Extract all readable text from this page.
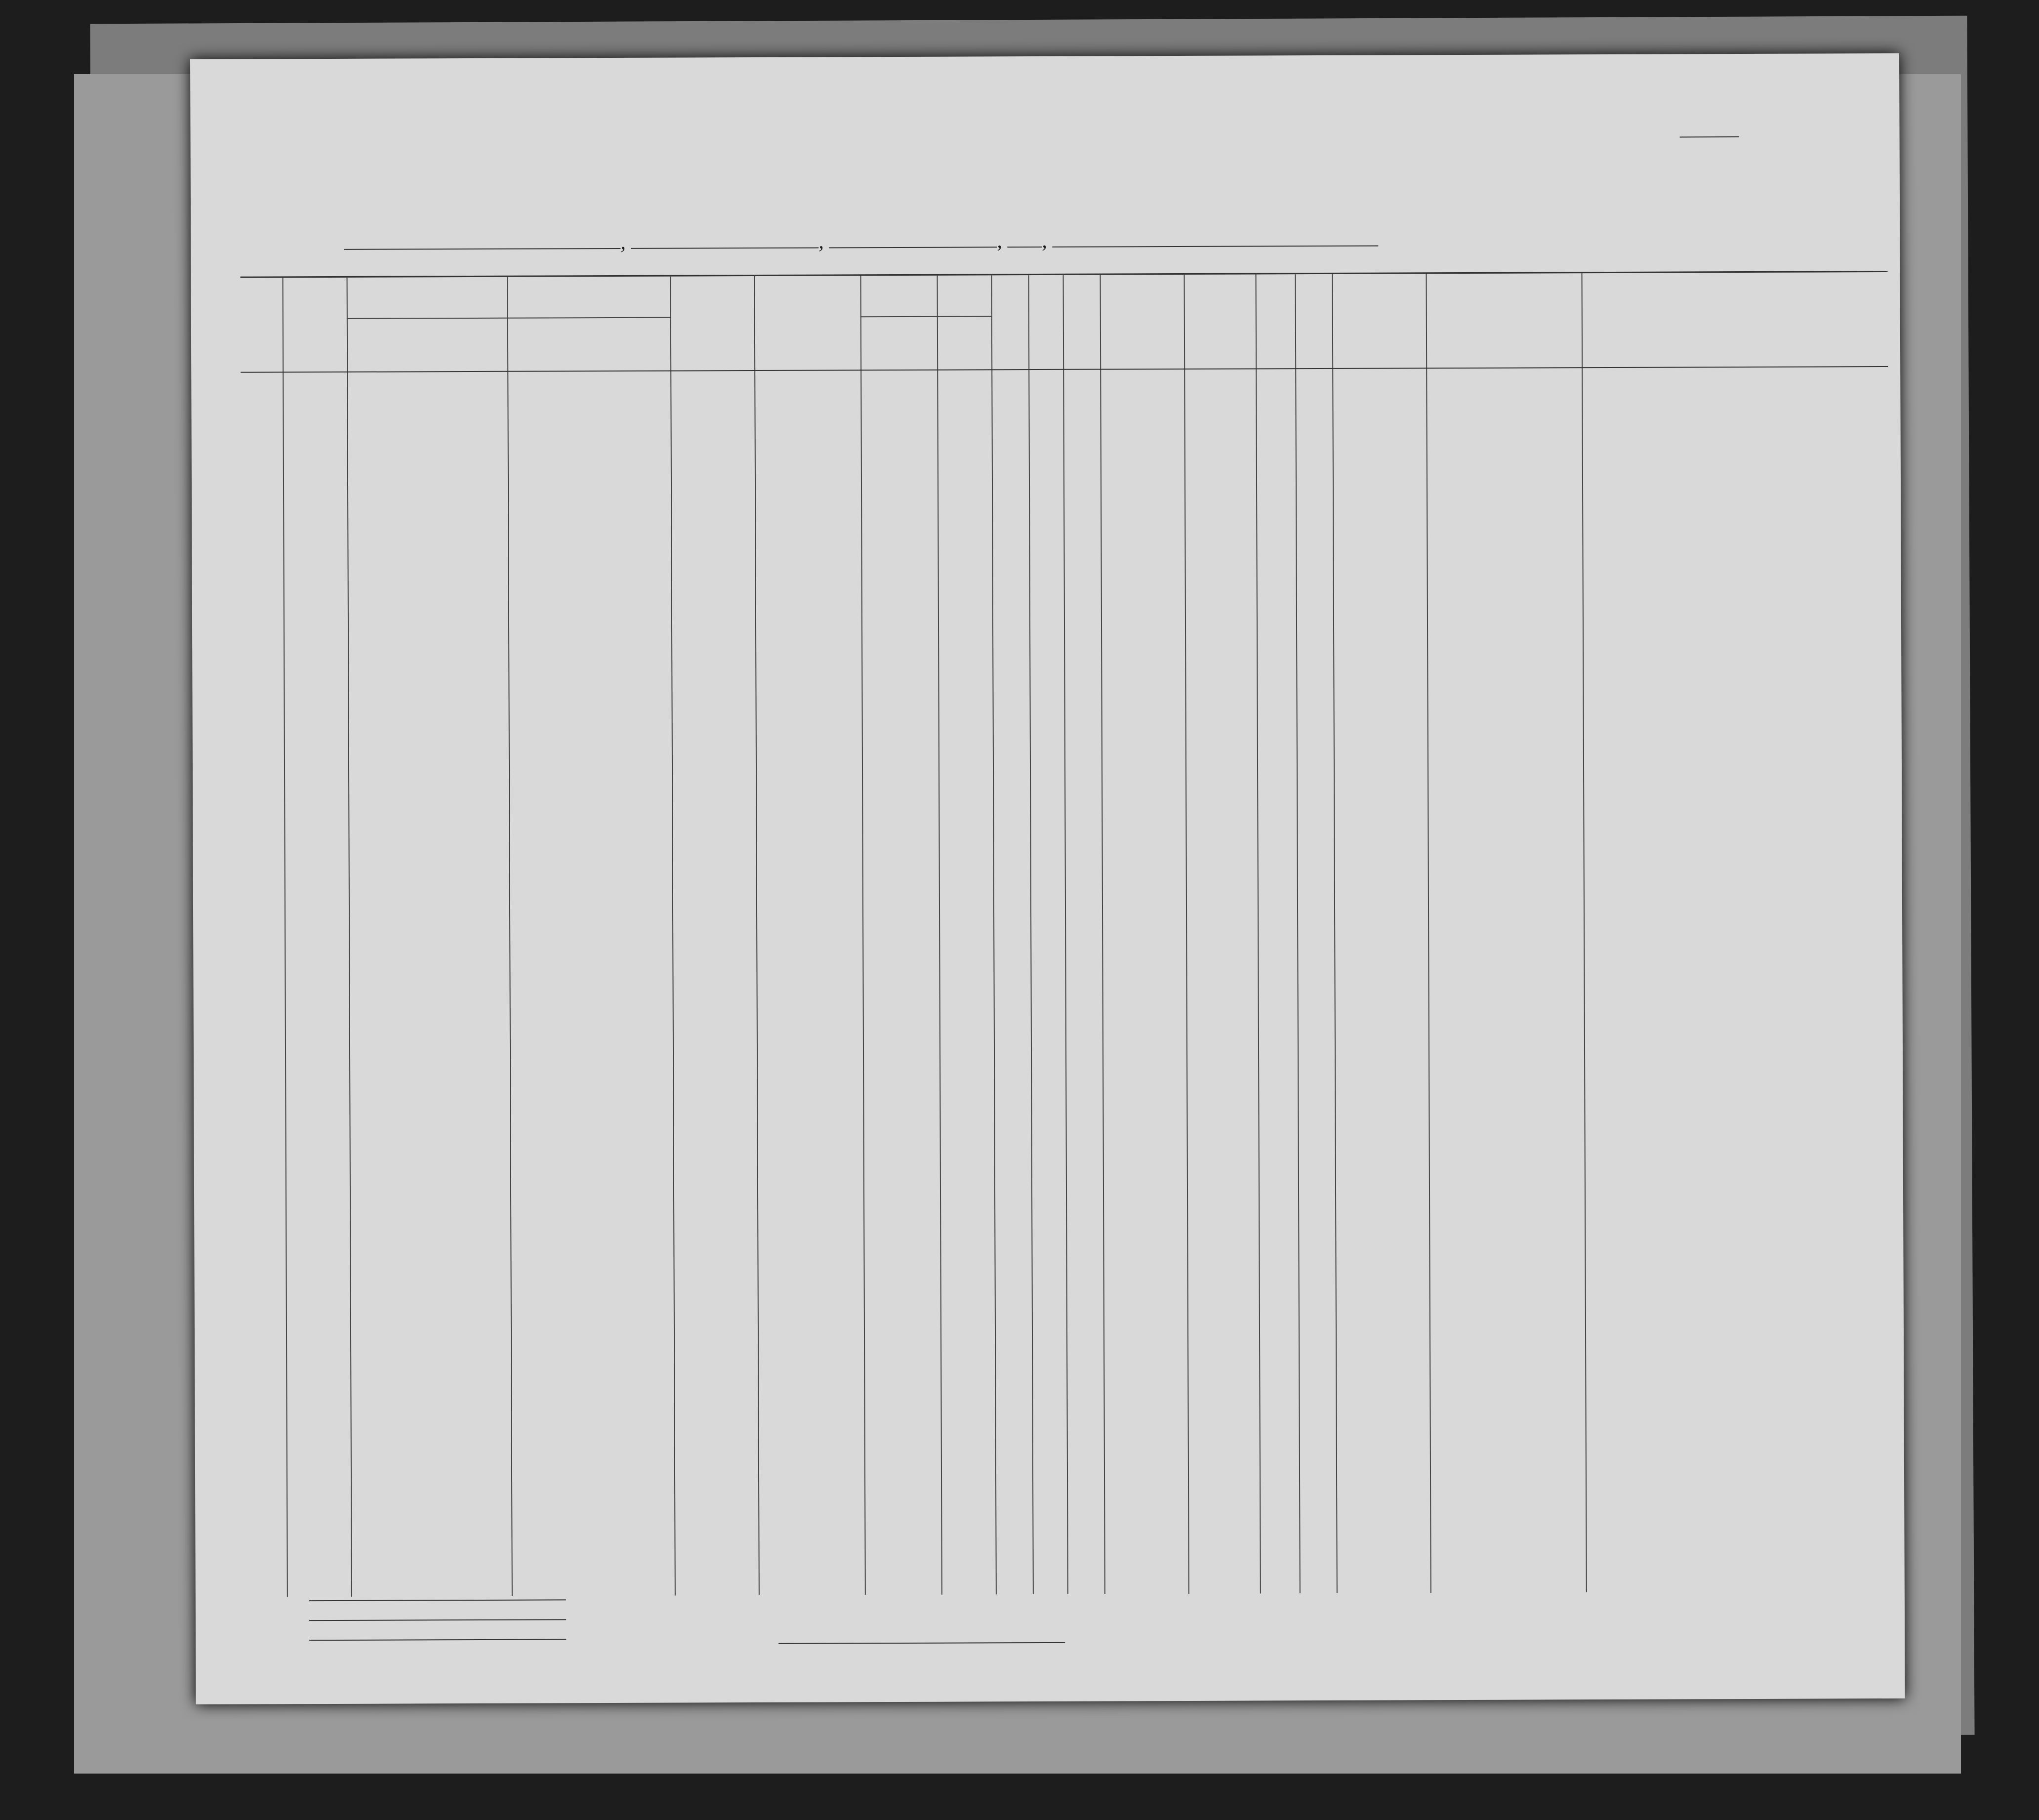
,	,	, ,
